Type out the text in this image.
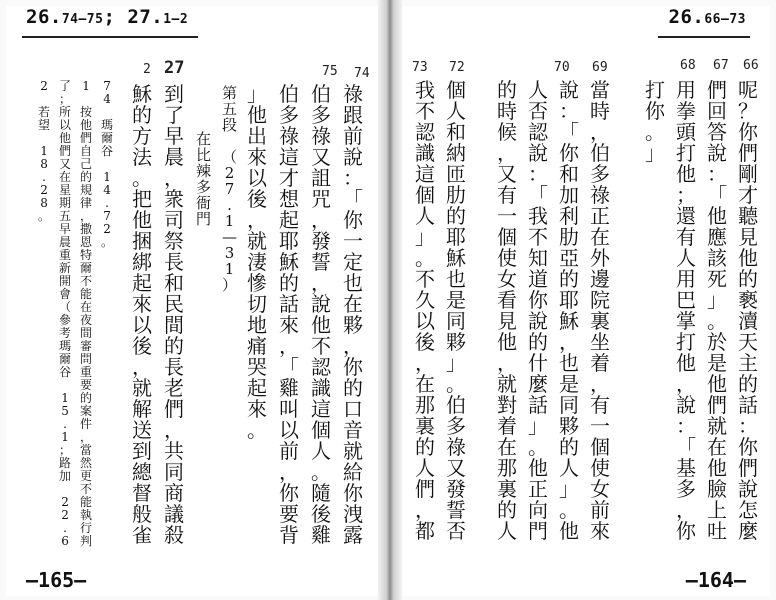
26.74—75; 27.1—2	26.66—73
74
75
2 27	66
67
68
69
70
72
73
祿
跟
前
說
：
「
你
一
定
也
在
夥
，
你
的
口
音
就
給
你
洩
露
伯
多
祿
又
詛
咒
，
發
誓
，
說
他
不
認
識
這
個
人
。
隨
後
雞
伯
多
祿
這
才
想
起
耶
穌
的
話
來
，
「
雞
叫
以
前
，
你
要
背
」
他
出
來
以
後
，
就
淒
慘
切
地
痛
哭
起
來
。
第
五
段
（
2
7
.
1
—
3
1
）
在
比
辣
多
衙
門
到
了
早
晨
，
衆
司
祭
長
和
民
間
的
長
老
們
，
共
同
商
議
殺
穌
的
方
法
。
把
他
捆
綁
起
來
以
後
，
就
解
送
到
總
督
般
雀
7
4
瑪
爾
谷
1
4
.
7
2
。
1
按
他
們
自
己
的
規
律
，
撒
恩
特
爾
不
能
在
夜
間
審
問
重
要
的
案
件
，
當
然
更
不
能
執
行
判
了
；
所
以
他
們
又
在
星
期
五
早
晨
重
新
開
會
（
參
考
瑪
爾
谷
1
5
.
1
；
路
加
2
2
.
6
2
若
望
1
8
.
2
8
。
呢
？
你
們
剛
才
聽
見
他
的
褻
瀆
天
主
的
話
：
你
們
說
怎
麼
們
回
答
說
：
「
他
應
該
死
」
。
於
是
他
們
就
在
他
臉
上
吐
用
拳
頭
打
他
；
還
有
人
用
巴
掌
打
他
，
說
：
「
基
多
，
你
打
你
。
」
當
時
，
伯
多
祿
正
在
外
邊
院
裏
坐
着
，
有
一
個
使
女
前
來
說
：
「
你
和
加
利
肋
亞
的
耶
穌
，
也
是
同
夥
的
人
」
。
他
人
否
認
說
：
「
我
不
知
道
你
說
的
什
麼
話
」
。
他
正
向
門
的
時
候
，
又
有
一
個
使
女
看
見
他
，
就
對
着
在
那
裏
的
人
個
人
和
納
匝
肋
的
耶
穌
也
是
同
夥
」
。
伯
多
祿
又
發
誓
否
我
不
認
識
這
個
人
」
。
不
久
以
後
，
在
那
裏
的
人
們
，
都
—165—	—164—
